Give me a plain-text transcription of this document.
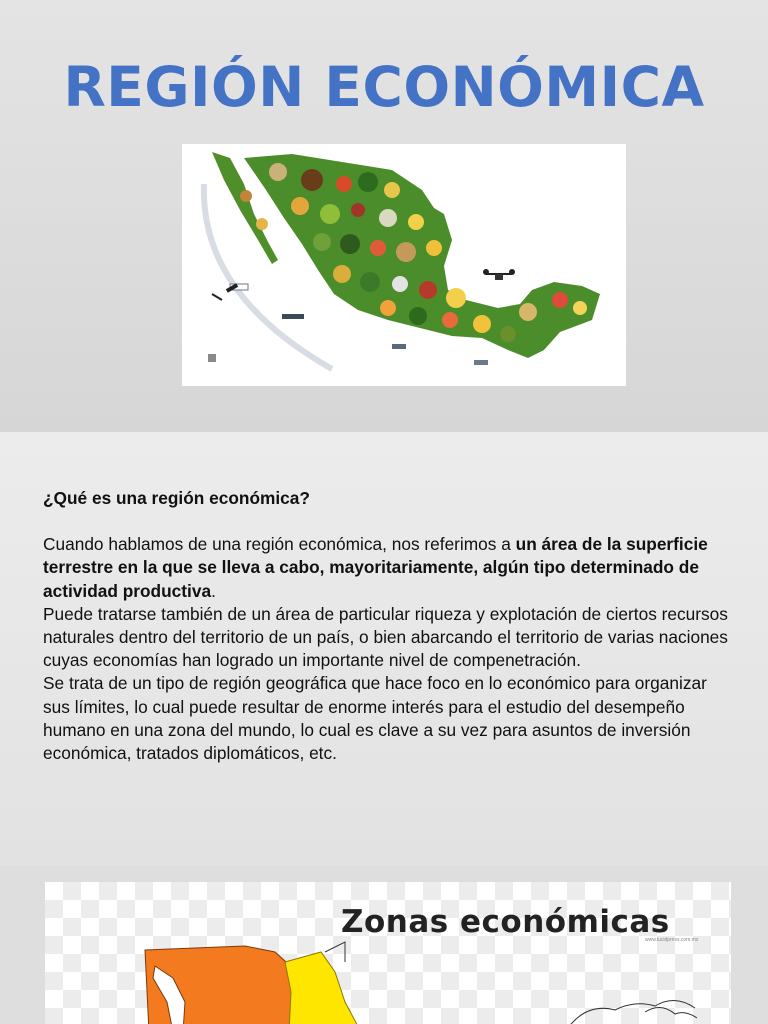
REGIÓN ECONÓMICA

¿Qué es una región económica?

Cuando hablamos de una región económica, nos referimos a un área de la superficie terrestre en la que se lleva a cabo, mayoritariamente, algún tipo determinado de actividad productiva.

Puede tratarse también de un área de particular riqueza y explotación de ciertos recursos naturales dentro del territorio de un país, o bien abarcando el territorio de varias naciones cuyas economías han logrado un importante nivel de compenetración.

Se trata de un tipo de región geográfica que hace foco en lo económico para organizar sus límites, lo cual puede resultar de enorme interés para el estudio del desempeño humano en una zona del mundo, lo cual es clave a su vez para asuntos de inversión económica, tratados diplomáticos, etc.

Zonas económicas
www.lucidpress.com.mx
